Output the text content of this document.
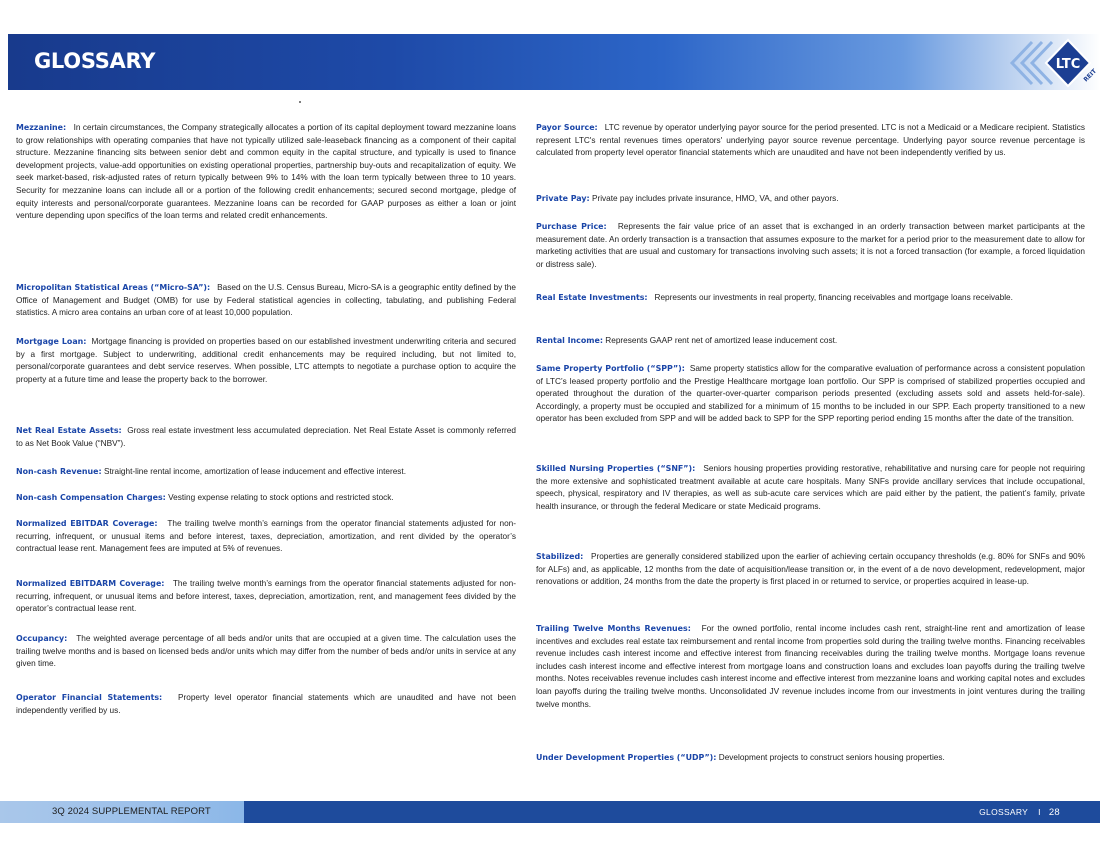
GLOSSARY	LTC
REIT
Mezzanine: In certain circumstances, the Company strategically allocates a portion of its capital deployment toward mezzanine loans to grow relationships with operating companies that have not typically utilized sale-leaseback financing as a component of their capital structure. Mezzanine financing sits between senior debt and common equity in the capital structure, and typically is used to finance development projects, value-add opportunities on existing operational properties, partnership buy-outs and recapitalization of equity. We seek market-based, risk-adjusted rates of return typically between 9% to 14% with the loan term typically between three to 10 years. Security for mezzanine loans can include all or a portion of the following credit enhancements; secured second mortgage, pledge of equity interests and personal/corporate guarantees. Mezzanine loans can be recorded for GAAP purposes as either a loan or joint venture depending upon specifics of the loan terms and related credit enhancements.
Micropolitan Statistical Areas (“Micro-SA”): Based on the U.S. Census Bureau, Micro-SA is a geographic entity defined by the Office of Management and Budget (OMB) for use by Federal statistical agencies in collecting, tabulating, and publishing Federal statistics. A micro area contains an urban core of at least 10,000 population.
Mortgage Loan: Mortgage financing is provided on properties based on our established investment underwriting criteria and secured by a first mortgage. Subject to underwriting, additional credit enhancements may be required including, but not limited to, personal/corporate guarantees and debt service reserves. When possible, LTC attempts to negotiate a purchase option to acquire the property at a future time and lease the property back to the borrower.
Net Real Estate Assets: Gross real estate investment less accumulated depreciation. Net Real Estate Asset is commonly referred to as Net Book Value (“NBV”).
Non-cash Revenue: Straight-line rental income, amortization of lease inducement and effective interest.
Non-cash Compensation Charges: Vesting expense relating to stock options and restricted stock.
Normalized EBITDAR Coverage: The trailing twelve month’s earnings from the operator financial statements adjusted for non-recurring, infrequent, or unusual items and before interest, taxes, depreciation, amortization, and rent divided by the operator’s contractual lease rent. Management fees are imputed at 5% of revenues.
Normalized EBITDARM Coverage: The trailing twelve month’s earnings from the operator financial statements adjusted for non-recurring, infrequent, or unusual items and before interest, taxes, depreciation, amortization, rent, and management fees divided by the operator’s contractual lease rent.
Occupancy: The weighted average percentage of all beds and/or units that are occupied at a given time. The calculation uses the trailing twelve months and is based on licensed beds and/or units which may differ from the number of beds and/or units in service at any given time.
Operator Financial Statements: Property level operator financial statements which are unaudited and have not been independently verified by us.
Payor Source: LTC revenue by operator underlying payor source for the period presented. LTC is not a Medicaid or a Medicare recipient. Statistics represent LTC's rental revenues times operators' underlying payor source revenue percentage. Underlying payor source revenue percentage is calculated from property level operator financial statements which are unaudited and have not been independently verified by us.
Private Pay: Private pay includes private insurance, HMO, VA, and other payors.
Purchase Price: Represents the fair value price of an asset that is exchanged in an orderly transaction between market participants at the measurement date. An orderly transaction is a transaction that assumes exposure to the market for a period prior to the measurement date to allow for marketing activities that are usual and customary for transactions involving such assets; it is not a forced transaction (for example, a forced liquidation or distress sale).
Real Estate Investments: Represents our investments in real property, financing receivables and mortgage loans receivable.
Rental Income: Represents GAAP rent net of amortized lease inducement cost.
Same Property Portfolio (“SPP”): Same property statistics allow for the comparative evaluation of performance across a consistent population of LTC’s leased property portfolio and the Prestige Healthcare mortgage loan portfolio. Our SPP is comprised of stabilized properties occupied and operated throughout the duration of the quarter-over-quarter comparison periods presented (excluding assets sold and assets held-for-sale). Accordingly, a property must be occupied and stabilized for a minimum of 15 months to be included in our SPP. Each property transitioned to a new operator has been excluded from SPP and will be added back to SPP for the SPP reporting period ending 15 months after the date of the transition.
Skilled Nursing Properties (“SNF”): Seniors housing properties providing restorative, rehabilitative and nursing care for people not requiring the more extensive and sophisticated treatment available at acute care hospitals. Many SNFs provide ancillary services that include occupational, speech, physical, respiratory and IV therapies, as well as sub-acute care services which are paid either by the patient, the patient’s family, private health insurance, or through the federal Medicare or state Medicaid programs.
Stabilized: Properties are generally considered stabilized upon the earlier of achieving certain occupancy thresholds (e.g. 80% for SNFs and 90% for ALFs) and, as applicable, 12 months from the date of acquisition/lease transition or, in the event of a de novo development, redevelopment, major renovations or addition, 24 months from the date the property is first placed in or returned to service, or properties acquired in lease-up.
Trailing Twelve Months Revenues: For the owned portfolio, rental income includes cash rent, straight-line rent and amortization of lease incentives and excludes real estate tax reimbursement and rental income from properties sold during the trailing twelve months. Financing receivables revenue includes cash interest income and effective interest from financing receivables during the trailing twelve months. Mortgage loans revenue includes cash interest income and effective interest from mortgage loans and construction loans and excludes loan payoffs during the trailing twelve months. Notes receivables revenue includes cash interest income and effective interest from mezzanine loans and working capital notes and excludes loan payoffs during the trailing twelve months. Unconsolidated JV revenue includes income from our investments in joint ventures during the trailing twelve months.
Under Development Properties (“UDP”): Development projects to construct seniors housing properties.
3Q 2024 SUPPLEMENTAL REPORT	GLOSSARY I 28
